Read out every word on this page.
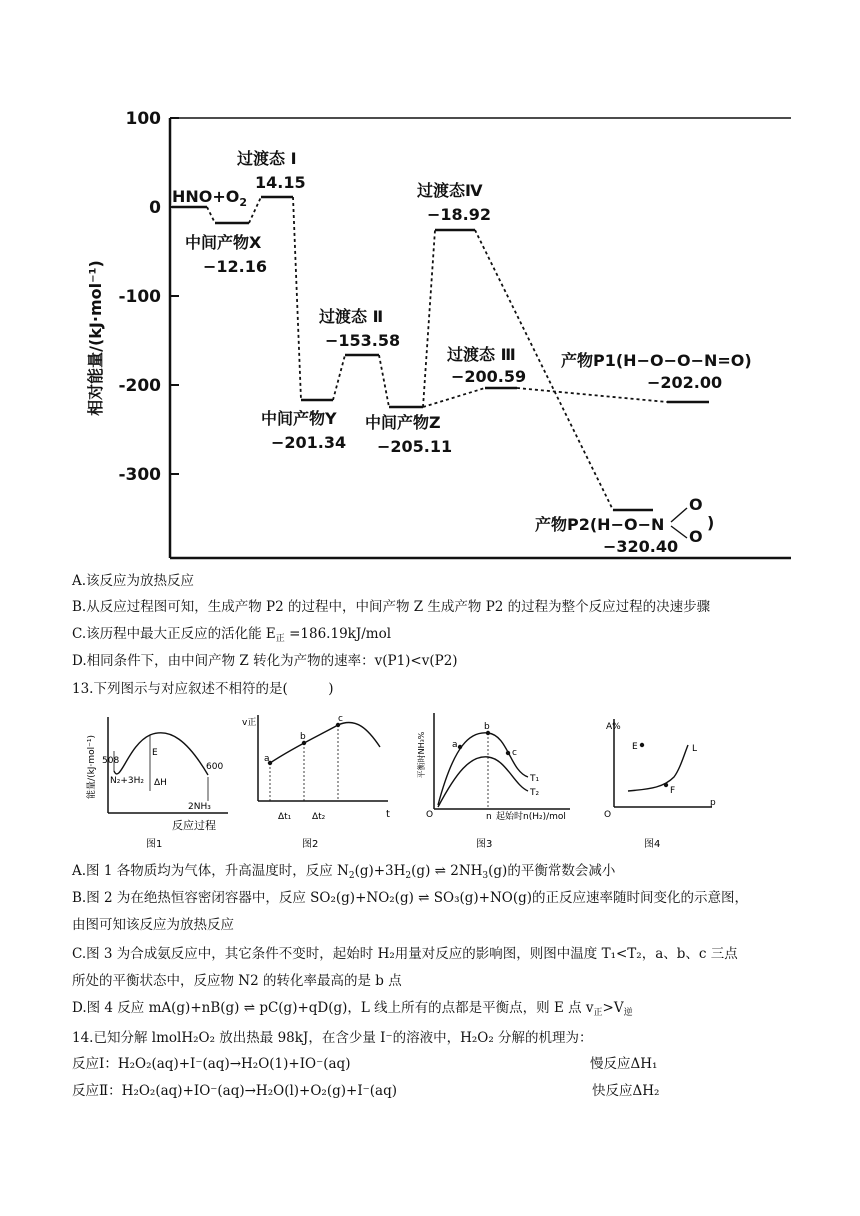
100
0
-100
-200
-300
相对能量/(kJ·mol⁻¹)
$HNO+O_2$
中间产物X
−12.16
过渡态 Ⅰ
14.15	过渡态Ⅳ
−18.92
过渡态 Ⅱ
−153.58
过渡态 Ⅲ
−200.59
产物P1(H−O−O−N=O)
−202.00
中间产物Y
−201.34
中间产物Z
−205.11
产物P2(H−O−N
O
O
)
−320.40
A.该反应为放热反应
B.从反应过程图可知，生成产物 P2 的过程中，中间产物 Z 生成产物 P2 的过程为整个反应过程的决速步骤
C.该历程中最大正反应的活化能 $E_正 =186.19kJ/mol$
D.相同条件下，由中间产物 Z 转化为产物的速率：v(P1)<v(P2)
13.下列图示与对应叙述不相符的是(　　　)
能量/(kJ·mol⁻¹) 508
600
E
ΔH
N₂+3H₂
2NH₃
反应过程
图1
v正
t
a
b
c
Δt₁ Δt₂
图2
平衡时NH₃%	a
b
c
T₁
T₂
O	n 起始时n(H₂)/mol
图3
A%
p
O
E
F
L
图4
A.图 1 各物质均为气体，升高温度时，反应 $N_2(g)+3H_2(g)$ ⇌ $2NH_3(g)$的平衡常数会减小
B.图 2 为在绝热恒容密闭容器中，反应 SO₂(g)+NO₂(g) ⇌ SO₃(g)+NO(g)的正反应速率随时间变化的示意图，
由图可知该反应为放热反应
C.图 3 为合成氨反应中，其它条件不变时，起始时 H₂用量对反应的影响图，则图中温度 T₁<T₂，a、b、c 三点
所处的平衡状态中，反应物 N2 的转化率最高的是 b 点
D.图 4 反应 mA(g)+nB(g) ⇌ pC(g)+qD(g)，L 线上所有的点都是平衡点，则 E 点 $v_正>V_逆$
14.已知分解 lmolH₂O₂ 放出热最 98kJ，在含少量 I⁻的溶液中，H₂O₂ 分解的机理为：
反应Ⅰ：H₂O₂(aq)+I⁻(aq)→H₂O(1)+IO⁻(aq)	慢反应ΔH₁
反应Ⅱ：H₂O₂(aq)+IO⁻(aq)→H₂O(l)+O₂(g)+I⁻(aq)	快反应ΔH₂
